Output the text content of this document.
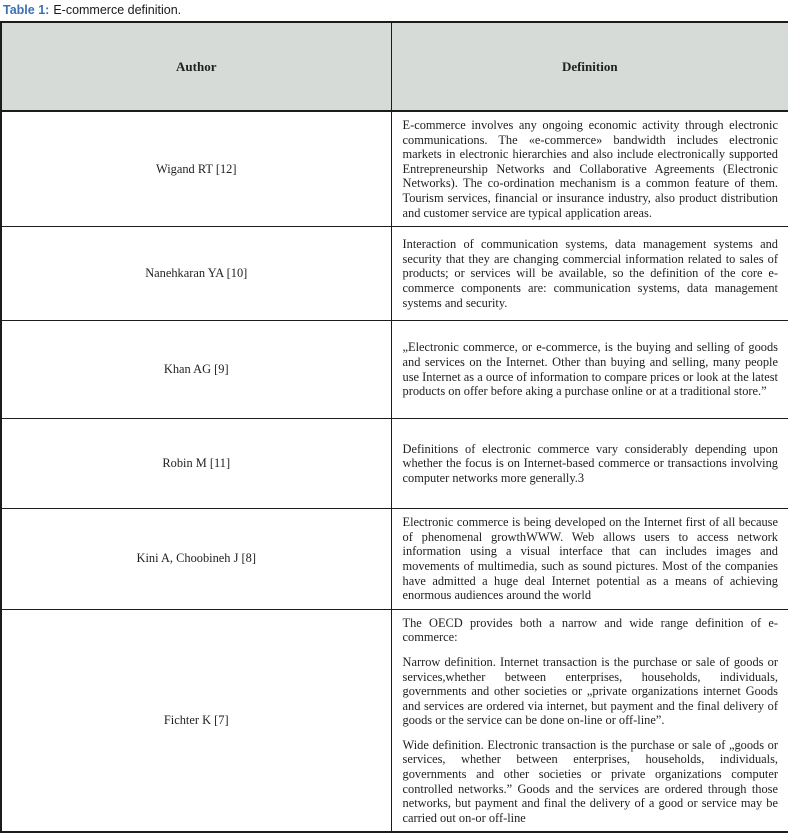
Table 1: E-commerce definition.
Author	Definition
Wigand RT [12]	E-commerce involves any ongoing economic activity through electronic communications. The «e-commerce» bandwidth includes electronic markets in electronic hierarchies and also include electronically supported Entrepreneurship Networks and Collaborative Agreements (Electronic Networks). The co-ordination mechanism is a common feature of them. Tourism services, financial or insurance industry, also product distribution and customer service are typical application areas.

Nanehkaran YA [10]	Interaction of communication systems, data management systems and security that they are changing commercial information related to sales of products; or services will be available, so the definition of the core e-commerce components are: communication systems, data management systems and security.

Khan AG [9]	„Electronic commerce, or e-commerce, is the buying and selling of goods and services on the Internet. Other than buying and selling, many people use Internet as a ource of information to compare prices or look at the latest products on offer before aking a purchase online or at a traditional store.”

Robin M [11]	Definitions of electronic commerce vary considerably depending upon whether the focus is on Internet-based commerce or transactions involving computer networks more generally.3

Kini A, Choobineh J [8]	Electronic commerce is being developed on the Internet first of all because of phenomenal growthWWW. Web allows users to access network information using a visual interface that can includes images and movements of multimedia, such as sound pictures. Most of the companies have admitted a huge deal Internet potential as a means of achieving enormous audiences around the world

Fichter K [7]	The OECD provides both a narrow and wide range definition of e-commerce:

Narrow definition. Internet transaction is the purchase or sale of goods or services,whether between enterprises, households, individuals, governments and other societies or „private organizations internet Goods and services are ordered via internet, but payment and the final delivery of goods or the service can be done on-line or off-line”.

Wide definition. Electronic transaction is the purchase or sale of „goods or services, whether between enterprises, households, individuals, governments and other societies or private organizations computer controlled networks.” Goods and the services are ordered through those networks, but payment and final the delivery of a good or service may be carried out on-or off-line
